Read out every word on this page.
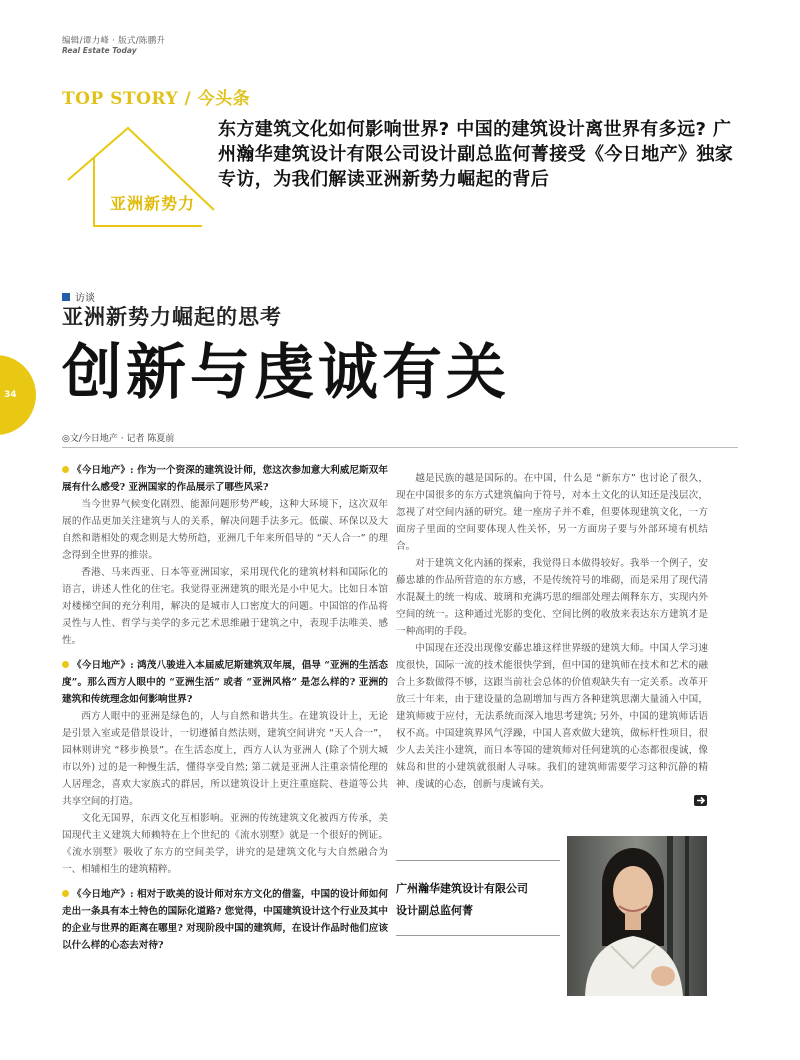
编辑/谭力峰 · 版式/陈鹏升
Real Estate Today
TOP STORY / 今头条
亚洲新势力
东方建筑文化如何影响世界? 中国的建筑设计离世界有多远? 广州瀚华建筑设计有限公司设计副总监何菁接受《今日地产》独家专访，为我们解读亚洲新势力崛起的背后
访谈
亚洲新势力崛起的思考
创新与虔诚有关
34
◎文/今日地产 · 记者 陈夏前

《今日地产》: 作为一个资深的建筑设计师，您这次参加意大利威尼斯双年展有什么感受? 亚洲国家的作品展示了哪些风采?

当今世界气候变化剧烈、能源问题形势严峻，这种大环境下，这次双年展的作品更加关注建筑与人的关系，解决问题手法多元。低碳、环保以及大自然和谐相处的观念则是大势所趋，亚洲几千年来所倡导的 “天人合一” 的理念得到全世界的推崇。

香港、马来西亚、日本等亚洲国家，采用现代化的建筑材料和国际化的语言，讲述人性化的住宅。我觉得亚洲建筑的眼光是小中见大。比如日本馆对楼梯空间的充分利用，解决的是城市人口密度大的问题。中国馆的作品将灵性与人性、哲学与美学的多元艺术思维融于建筑之中，表现手法唯美、感性。

《今日地产》: 鸿茂八骏进入本届威尼斯建筑双年展，倡导 “亚洲的生活态度”。那么西方人眼中的 “亚洲生活” 或者 “亚洲风格” 是怎么样的? 亚洲的建筑和传统理念如何影响世界?

西方人眼中的亚洲是绿色的，人与自然和谐共生。在建筑设计上，无论是引景入室或是借景设计，一切遵循自然法则，建筑空间讲究 “天人合一”，园林则讲究 “移步换景”。在生活态度上，西方人认为亚洲人 (除了个别大城市以外) 过的是一种慢生活，懂得享受自然; 第二就是亚洲人注重亲情伦理的人居理念，喜欢大家族式的群居，所以建筑设计上更注重庭院、巷道等公共共享空间的打造。

文化无国界，东西文化互相影响。亚洲的传统建筑文化被西方传承，美国现代主义建筑大师赖特在上个世纪的《流水别墅》就是一个很好的例证。《流水别墅》吸收了东方的空间美学，讲究的是建筑文化与大自然融合为一、相辅相生的建筑精粹。

《今日地产》: 相对于欧美的设计师对东方文化的借鉴，中国的设计师如何走出一条具有本土特色的国际化道路? 您觉得，中国建筑设计这个行业及其中的企业与世界的距离在哪里? 对现阶段中国的建筑师，在设计作品时他们应该以什么样的心态去对待?

越是民族的越是国际的。在中国，什么是 “新东方” 也讨论了很久，现在中国很多的东方式建筑偏向于符号，对本土文化的认知还是浅层次，忽视了对空间内涵的研究。建一座房子并不难，但要体现建筑文化，一方面房子里面的空间要体现人性关怀，另一方面房子要与外部环境有机结合。

对于建筑文化内涵的探索，我觉得日本做得较好。我举一个例子，安藤忠雄的作品所营造的东方感，不是传统符号的堆砌，而是采用了现代清水混凝土的统一构成、玻璃和充满巧思的细部处理去阐释东方，实现内外空间的统一。这种通过光影的变化、空间比例的收放来表达东方建筑才是一种高明的手段。

中国现在还没出现像安藤忠雄这样世界级的建筑大师。中国人学习速度很快，国际一流的技术能很快学到，但中国的建筑师在技术和艺术的融合上多数做得不够，这跟当前社会总体的价值观缺失有一定关系。改革开放三十年来，由于建设量的急剧增加与西方各种建筑思潮大量涌入中国，建筑师疲于应付，无法系统而深入地思考建筑; 另外，中国的建筑师话语权不高。中国建筑界风气浮躁，中国人喜欢做大建筑，做标杆性项目，很少人去关注小建筑，而日本等国的建筑师对任何建筑的心态都很虔诚，像妹岛和世的小建筑就很耐人寻味。我们的建筑师需要学习这种沉静的精神、虔诚的心态，创新与虔诚有关。

广州瀚华建筑设计有限公司
设计副总监何菁
